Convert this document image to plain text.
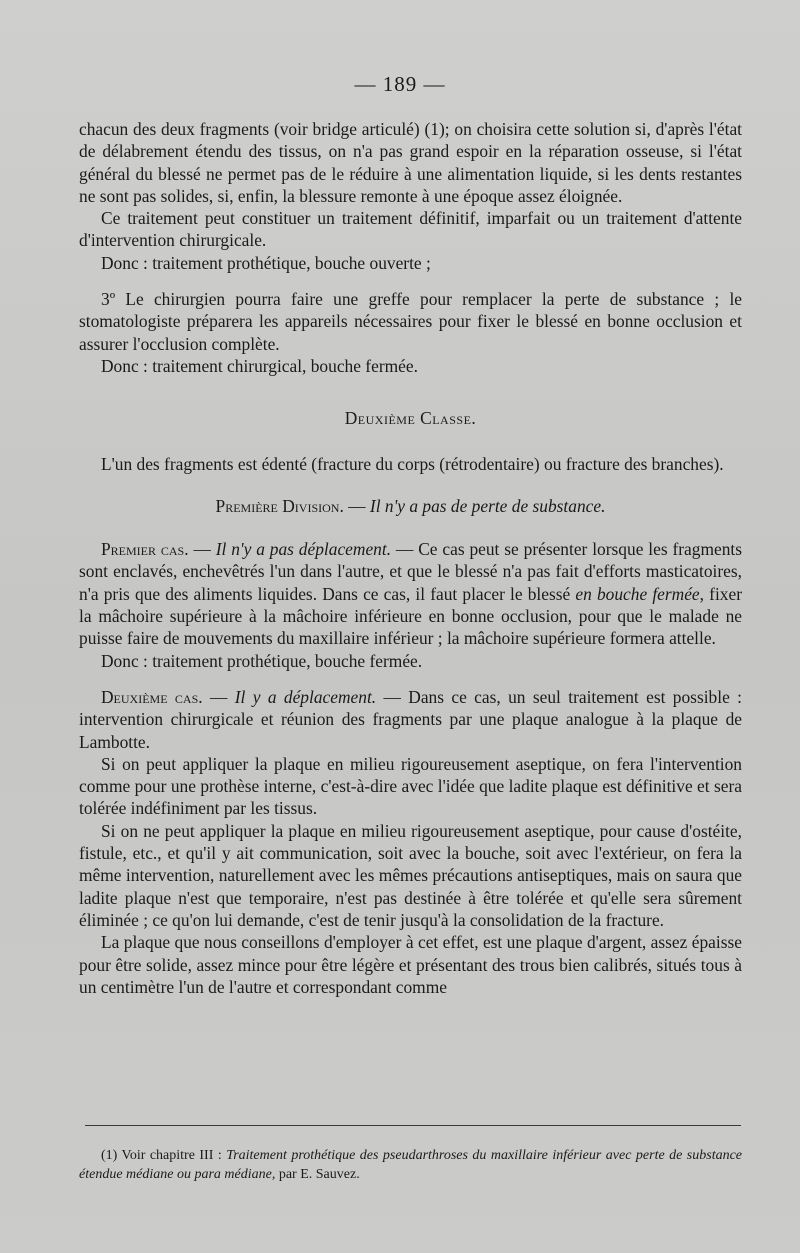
— 189 —

chacun des deux fragments (voir bridge articulé) (1); on choisira cette solution si, d'après l'état de délabrement étendu des tissus, on n'a pas grand espoir en la réparation osseuse, si l'état général du blessé ne permet pas de le réduire à une alimentation liquide, si les dents restantes ne sont pas solides, si, enfin, la blessure remonte à une époque assez éloignée.

Ce traitement peut constituer un traitement définitif, imparfait ou un traitement d'attente d'intervention chirurgicale.

Donc : traitement prothétique, bouche ouverte ;

3º Le chirurgien pourra faire une greffe pour remplacer la perte de substance ; le stomatologiste préparera les appareils nécessaires pour fixer le blessé en bonne occlusion et assurer l'occlusion complète.

Donc : traitement chirurgical, bouche fermée.

Deuxième Classe.

L'un des fragments est édenté (fracture du corps (rétrodentaire) ou fracture des branches).

Première Division. — Il n'y a pas de perte de substance.

Premier cas. — Il n'y a pas déplacement. — Ce cas peut se présenter lorsque les fragments sont enclavés, enchevêtrés l'un dans l'autre, et que le blessé n'a pas fait d'efforts masticatoires, n'a pris que des aliments liquides. Dans ce cas, il faut placer le blessé en bouche fermée, fixer la mâchoire supérieure à la mâchoire inférieure en bonne occlusion, pour que le malade ne puisse faire de mouvements du maxillaire inférieur ; la mâchoire supérieure formera attelle.

Donc : traitement prothétique, bouche fermée.

Deuxième cas. — Il y a déplacement. — Dans ce cas, un seul traitement est possible : intervention chirurgicale et réunion des fragments par une plaque analogue à la plaque de Lambotte.

Si on peut appliquer la plaque en milieu rigoureusement aseptique, on fera l'intervention comme pour une prothèse interne, c'est-à-dire avec l'idée que ladite plaque est définitive et sera tolérée indéfiniment par les tissus.

Si on ne peut appliquer la plaque en milieu rigoureusement aseptique, pour cause d'ostéite, fistule, etc., et qu'il y ait communication, soit avec la bouche, soit avec l'extérieur, on fera la même intervention, naturellement avec les mêmes précautions antiseptiques, mais on saura que ladite plaque n'est que temporaire, n'est pas destinée à être tolérée et qu'elle sera sûrement éliminée ; ce qu'on lui demande, c'est de tenir jusqu'à la consolidation de la fracture.

La plaque que nous conseillons d'employer à cet effet, est une plaque d'argent, assez épaisse pour être solide, assez mince pour être légère et présentant des trous bien calibrés, situés tous à un centimètre l'un de l'autre et correspondant comme

(1) Voir chapitre III : Traitement prothétique des pseudarthroses du maxillaire inférieur avec perte de substance étendue médiane ou para médiane, par E. Sauvez.
